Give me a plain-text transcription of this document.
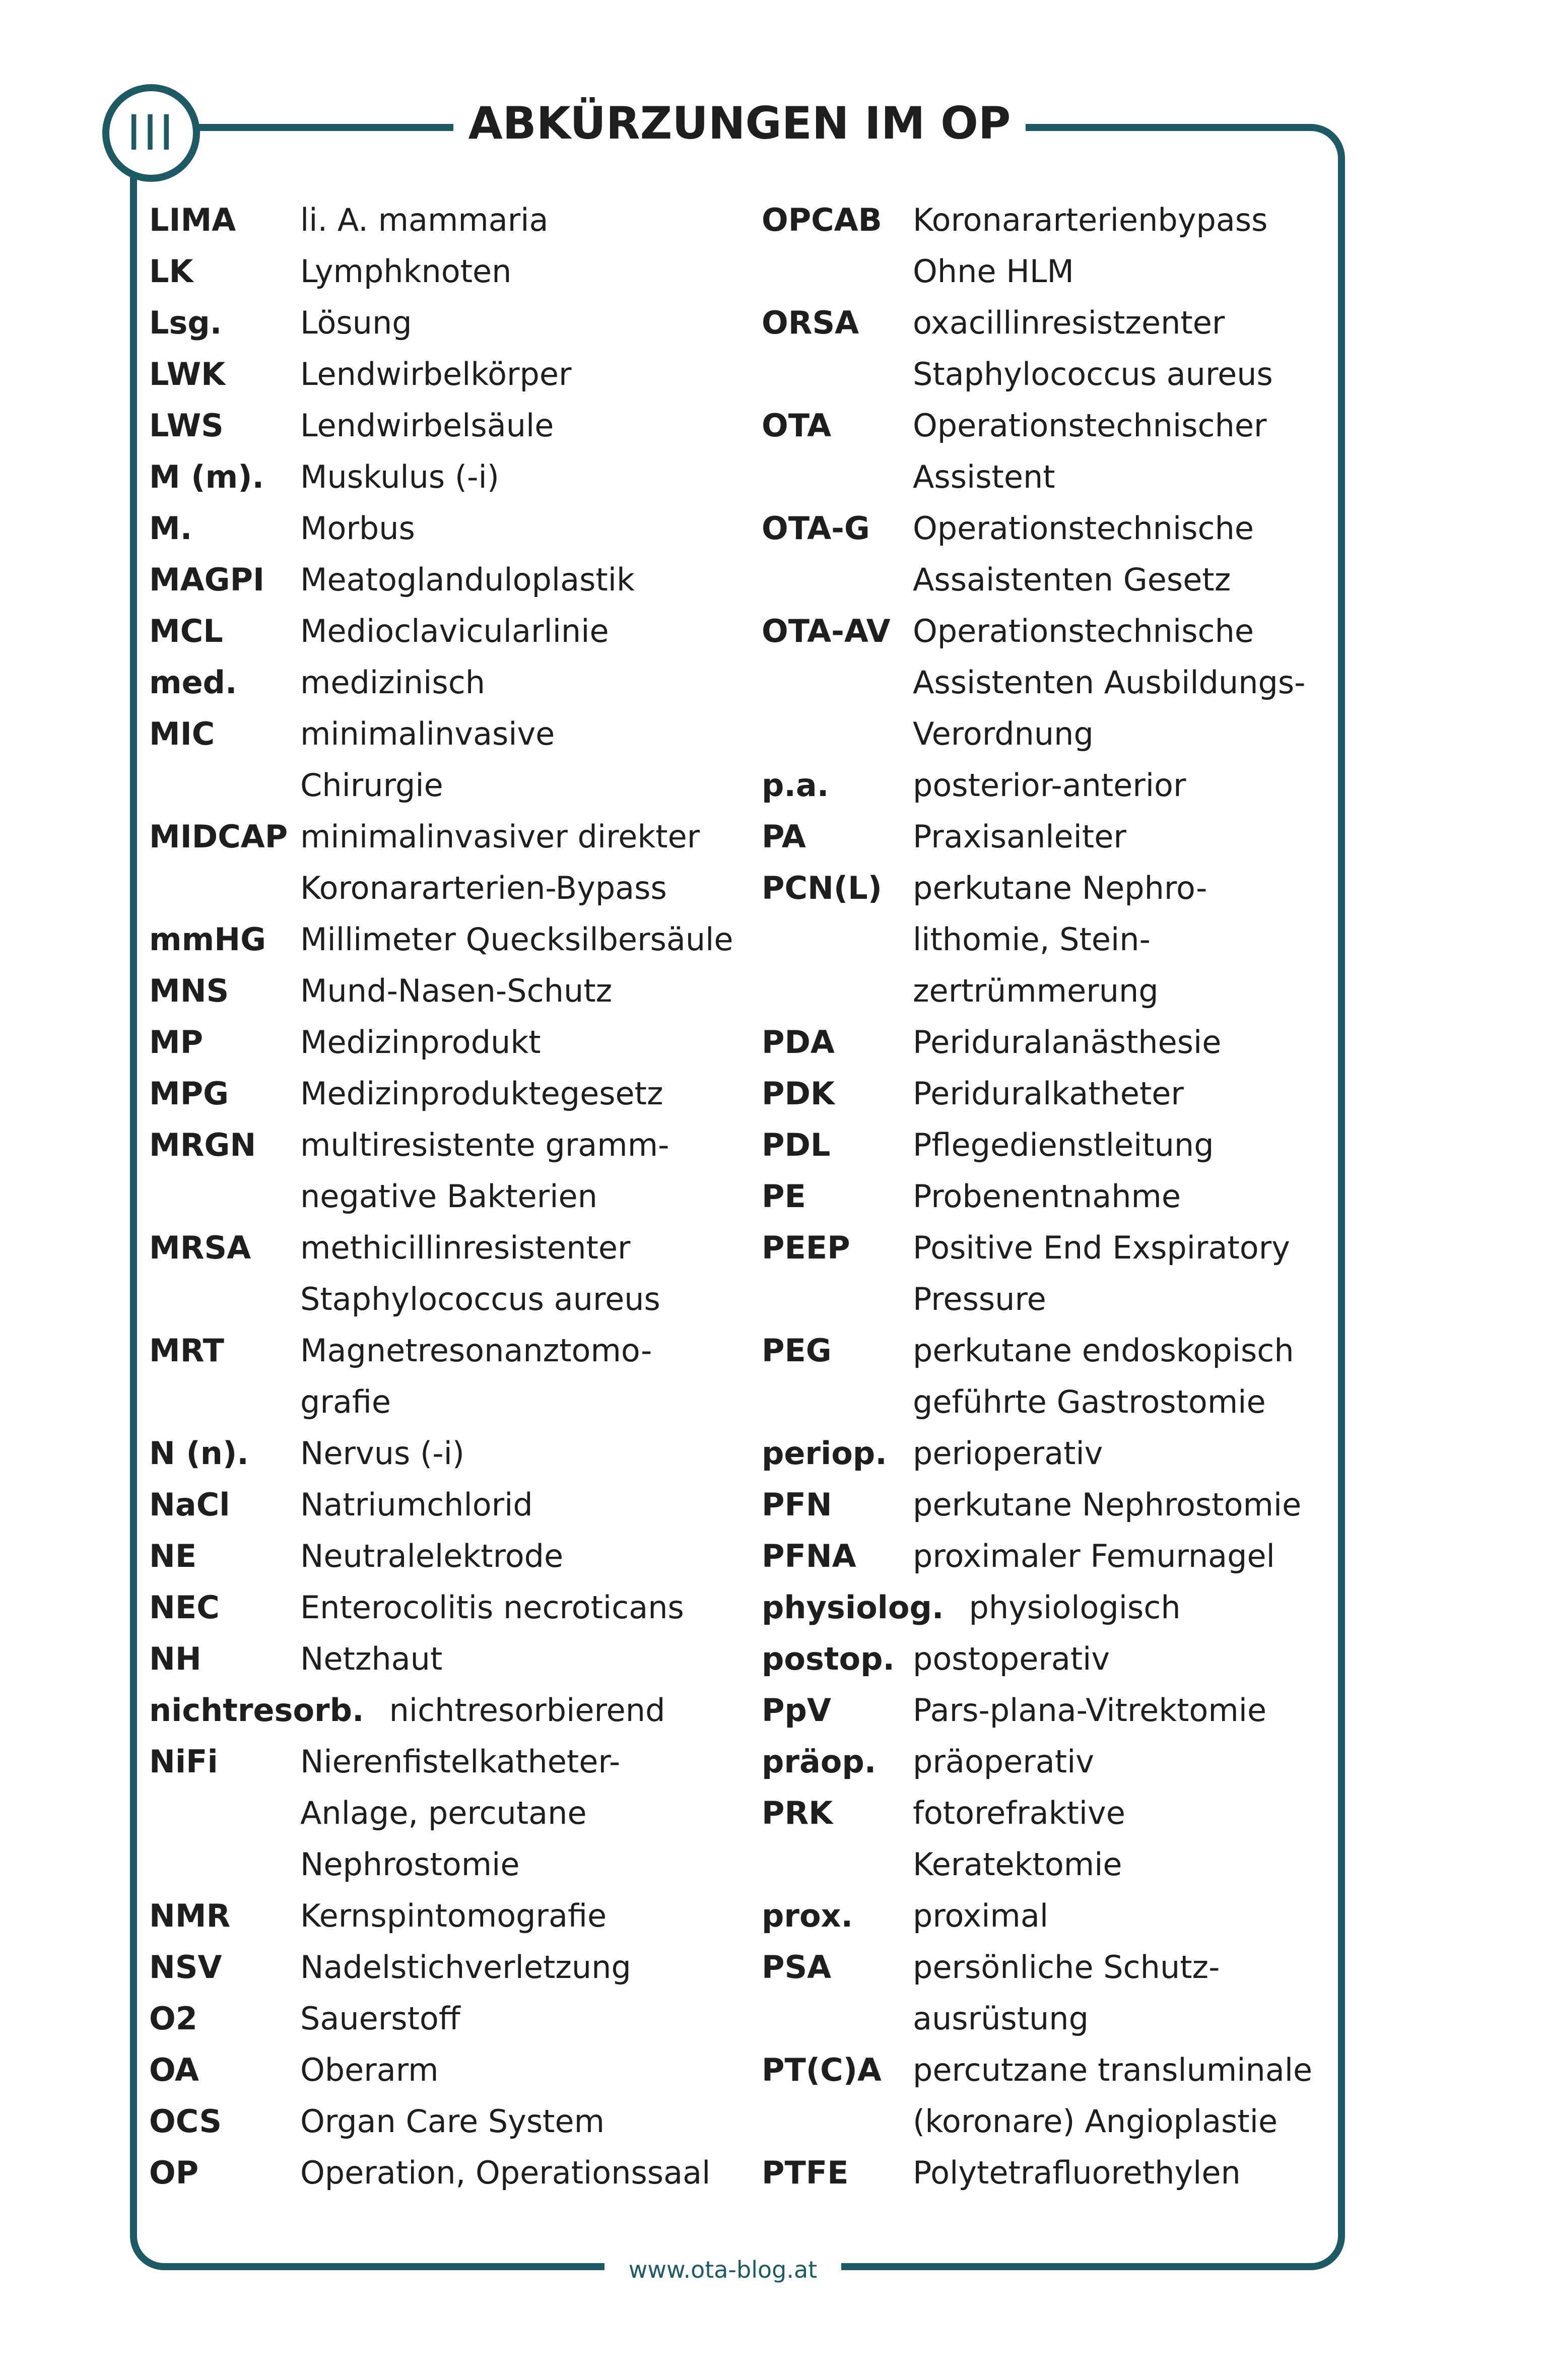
III	ABKÜRZUNGEN IM OP
LIMA	li. A. mammaria
LK	Lymphknoten
Lsg.	Lösung
LWK	Lendwirbelkörper
LWS	Lendwirbelsäule
M (m).	Muskulus (-i)
M.	Morbus
MAGPI	Meatoglanduloplastik
MCL	Medioclavicularlinie
med.	medizinisch
MIC	minimalinvasive
Chirurgie
MIDCAP minimalinvasiver direkter
Koronararterien-Bypass
mmHG	Millimeter Quecksilbersäule
MNS	Mund-Nasen-Schutz
MP	Medizinprodukt
MPG	Medizinproduktegesetz
MRGN	multiresistente gramm-
negative Bakterien
MRSA	methicillinresistenter
Staphylococcus aureus
MRT	Magnetresonanztomo-
grafie
N (n).	Nervus (-i)
NaCl	Natriumchlorid
NE	Neutralelektrode
NEC	Enterocolitis necroticans
NH	Netzhaut
nichtresorb. nichtresorbierend
NiFi	Nierenfistelkatheter-
Anlage, percutane
Nephrostomie
NMR	Kernspintomografie
NSV	Nadelstichverletzung
O2	Sauerstoff
OA	Oberarm
OCS	Organ Care System
OP	Operation, Operationssaal
OPCAB Koronararterienbypass
Ohne HLM
ORSA	oxacillinresistzenter
Staphylococcus aureus
OTA	Operationstechnischer
Assistent
OTA-G	Operationstechnische
Assaistenten Gesetz
OTA-AV Operationstechnische
Assistenten Ausbildungs-
Verordnung
p.a.	posterior-anterior
PA	Praxisanleiter
PCN(L) perkutane Nephro-
lithomie, Stein-
zertrümmerung
PDA	Periduralanästhesie
PDK	Periduralkatheter
PDL	Pflegedienstleitung
PE	Probenentnahme
PEEP	Positive End Exspiratory
Pressure
PEG	perkutane endoskopisch
geführte Gastrostomie
periop. perioperativ
PFN	perkutane Nephrostomie
PFNA	proximaler Femurnagel
physiolog. physiologisch
postop. postoperativ
PpV	Pars-plana-Vitrektomie
präop.	präoperativ
PRK	fotorefraktive
Keratektomie
prox.	proximal
PSA	persönliche Schutz-
ausrüstung
PT(C)A	percutzane transluminale
(koronare) Angioplastie
PTFE	Polytetrafluorethylen
www.ota-blog.at
